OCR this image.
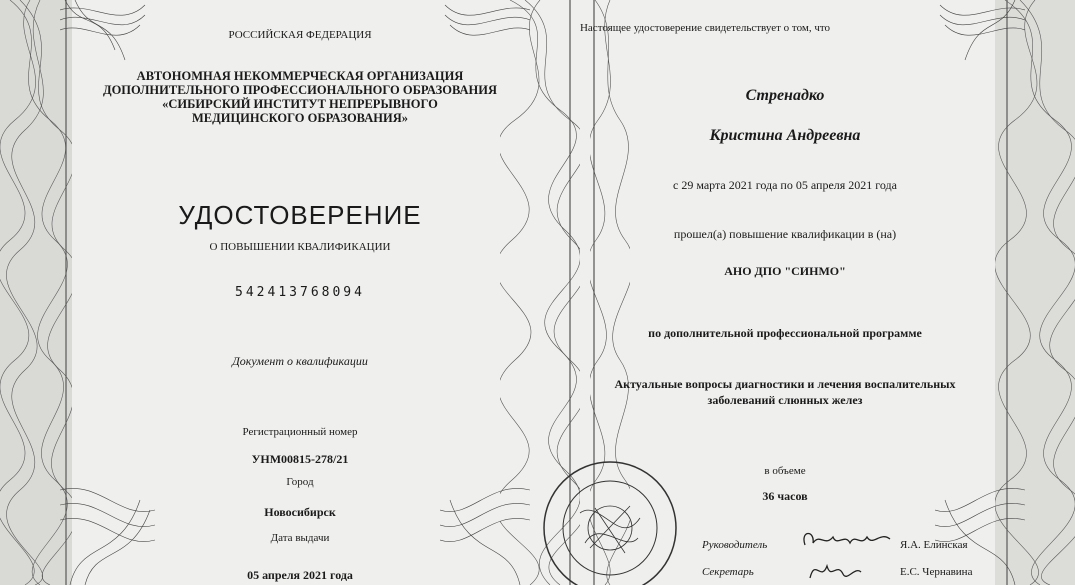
РОССИЙСКАЯ ФЕДЕРАЦИЯ
АВТОНОМНАЯ НЕКОММЕРЧЕСКАЯ ОРГАНИЗАЦИЯ
ДОПОЛНИТЕЛЬНОГО ПРОФЕССИОНАЛЬНОГО ОБРАЗОВАНИЯ
«СИБИРСКИЙ ИНСТИТУТ НЕПРЕРЫВНОГО
МЕДИЦИНСКОГО ОБРАЗОВАНИЯ»
УДОСТОВЕРЕНИЕ
О ПОВЫШЕНИИ КВАЛИФИКАЦИИ
542413768094
Документ о квалификации
Регистрационный номер
УНМ00815-278/21
Город
Новосибирск
Дата выдачи
05 апреля 2021 года
Настоящее удостоверение свидетельствует о том, что
Стренадко
Кристина Андреевна
с 29 марта 2021 года по 05 апреля 2021 года
прошел(а) повышение квалификации в (на)
АНО ДПО "СИНМО"
по дополнительной профессиональной программе
Актуальные вопросы диагностики и лечения воспалительных
заболеваний слюнных желез
в объеме
36 часов
Руководитель	Я.А. Елинская
Секретарь	Е.С. Чернавина
